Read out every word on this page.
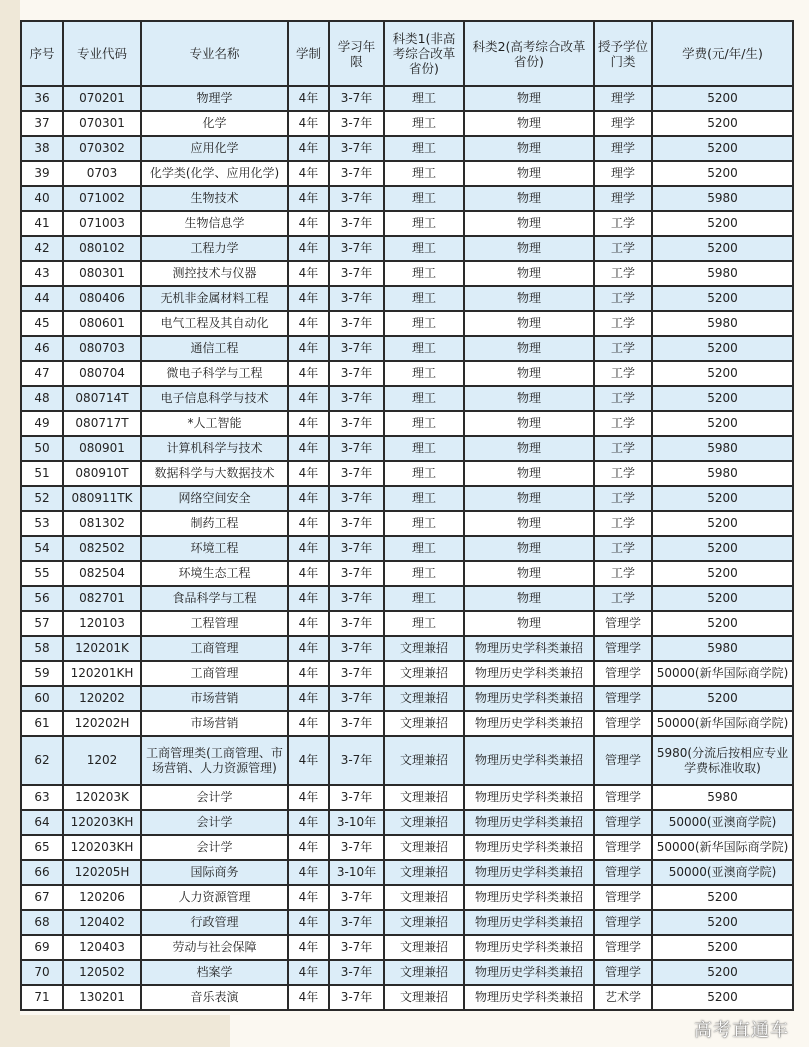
序号	专业代码	专业名称	学制	学习年限	科类1(非高考综合改革省份)	科类2(高考综合改革省份)	授予学位门类	学费(元/年/生)
36	070201	物理学	4年	3-7年	理工	物理	理学	5200
37	070301	化学	4年	3-7年	理工	物理	理学	5200
38	070302	应用化学	4年	3-7年	理工	物理	理学	5200
39	0703	化学类(化学、应用化学)	4年	3-7年	理工	物理	理学	5200
40	071002	生物技术	4年	3-7年	理工	物理	理学	5980
41	071003	生物信息学	4年	3-7年	理工	物理	工学	5200
42	080102	工程力学	4年	3-7年	理工	物理	工学	5200
43	080301	测控技术与仪器	4年	3-7年	理工	物理	工学	5980
44	080406	无机非金属材料工程	4年	3-7年	理工	物理	工学	5200
45	080601	电气工程及其自动化	4年	3-7年	理工	物理	工学	5980
46	080703	通信工程	4年	3-7年	理工	物理	工学	5200
47	080704	微电子科学与工程	4年	3-7年	理工	物理	工学	5200
48	080714T	电子信息科学与技术	4年	3-7年	理工	物理	工学	5200
49	080717T	*人工智能	4年	3-7年	理工	物理	工学	5200
50	080901	计算机科学与技术	4年	3-7年	理工	物理	工学	5980
51	080910T	数据科学与大数据技术	4年	3-7年	理工	物理	工学	5980
52	080911TK	网络空间安全	4年	3-7年	理工	物理	工学	5200
53	081302	制药工程	4年	3-7年	理工	物理	工学	5200
54	082502	环境工程	4年	3-7年	理工	物理	工学	5200
55	082504	环境生态工程	4年	3-7年	理工	物理	工学	5200
56	082701	食品科学与工程	4年	3-7年	理工	物理	工学	5200
57	120103	工程管理	4年	3-7年	理工	物理	管理学	5200
58	120201K	工商管理	4年	3-7年	文理兼招	物理历史学科类兼招	管理学	5980
59	120201KH	工商管理	4年	3-7年	文理兼招	物理历史学科类兼招	管理学	50000(新华国际商学院)
60	120202	市场营销	4年	3-7年	文理兼招	物理历史学科类兼招	管理学	5200
61	120202H	市场营销	4年	3-7年	文理兼招	物理历史学科类兼招	管理学	50000(新华国际商学院)
62	1202	工商管理类(工商管理、市场营销、人力资源管理)	4年	3-7年	文理兼招	物理历史学科类兼招	管理学	5980(分流后按相应专业学费标准收取)
63	120203K	会计学	4年	3-7年	文理兼招	物理历史学科类兼招	管理学	5980
64	120203KH	会计学	4年	3-10年	文理兼招	物理历史学科类兼招	管理学	50000(亚澳商学院)
65	120203KH	会计学	4年	3-7年	文理兼招	物理历史学科类兼招	管理学	50000(新华国际商学院)
66	120205H	国际商务	4年	3-10年	文理兼招	物理历史学科类兼招	管理学	50000(亚澳商学院)
67	120206	人力资源管理	4年	3-7年	文理兼招	物理历史学科类兼招	管理学	5200
68	120402	行政管理	4年	3-7年	文理兼招	物理历史学科类兼招	管理学	5200
69	120403	劳动与社会保障	4年	3-7年	文理兼招	物理历史学科类兼招	管理学	5200
70	120502	档案学	4年	3-7年	文理兼招	物理历史学科类兼招	管理学	5200
71	130201	音乐表演	4年	3-7年	文理兼招	物理历史学科类兼招	艺术学	5200
高考直通车
